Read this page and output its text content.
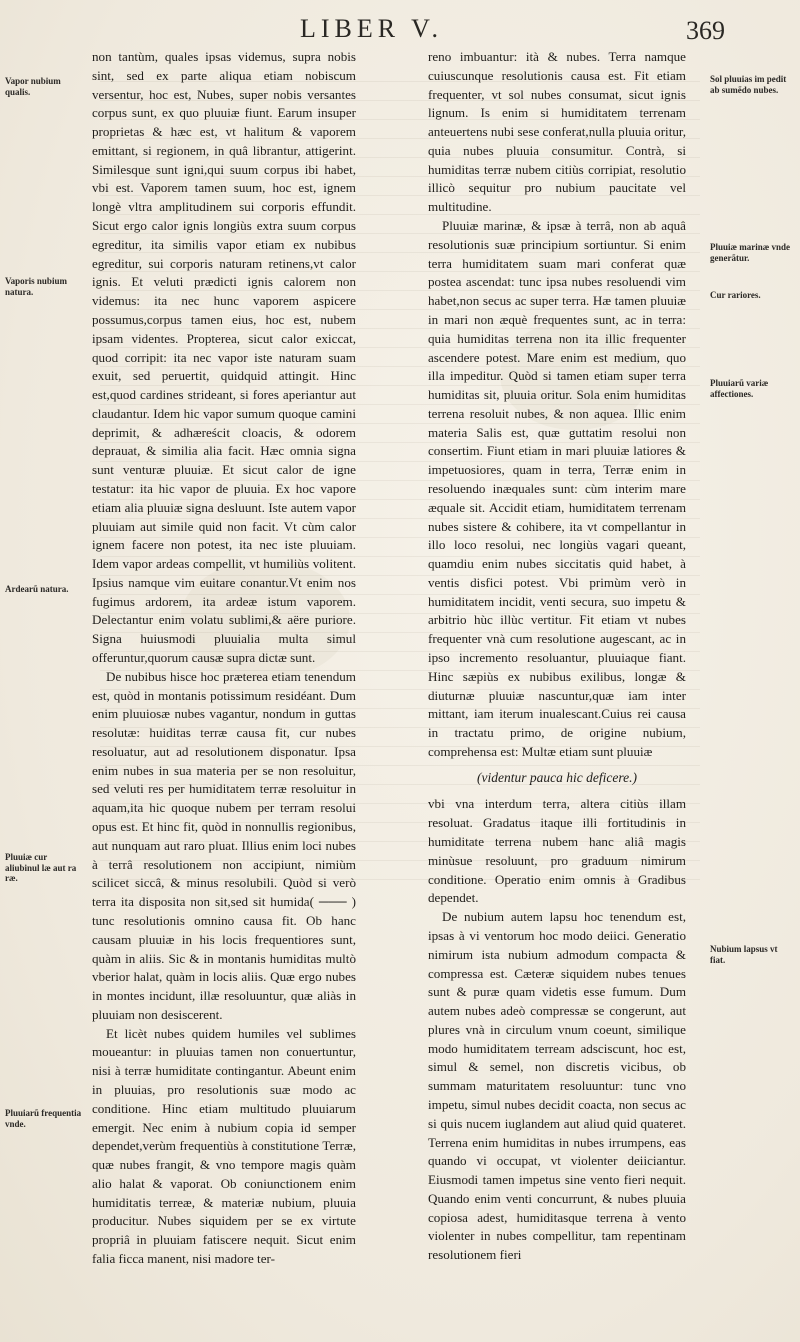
LIBER V.	369
Vapor nubium qualis.
Vaporis nubium natura.
Ardearũ natura.
Pluuiæ cur aliubinul læ aut ra ræ.
Pluuiarũ frequentia vnde.
Sol pluuias im pedit ab sumẽdo nubes.
Pluuiæ marinæ vnde generãtur.
Cur rariores.
Pluuiarũ variæ affectiones.
Nubium lapsus vt fiat.

non tantùm, quales ipsas videmus, supra nobis sint, sed ex parte aliqua etiam nobiscum versentur, hoc est, Nubes, super nobis versantes corpus sunt, ex quo pluuiæ fiunt. Earum insuper proprietas & hæc est, vt halitum & vaporem emittant, si regionem, in quâ librantur, attigerint. Similesque sunt igni,qui suum corpus ibi habet, vbi est. Vaporem tamen suum, hoc est, ignem longè vltra amplitudinem sui corporis effundit. Sicut ergo calor ignis longiùs extra suum corpus egreditur, ita similis vapor etiam ex nubibus egreditur, sui corporis naturam retinens,vt calor ignis. Et veluti prædicti ignis calorem non videmus: ita nec hunc vaporem aspicere possumus,corpus tamen eius, hoc est, nubem ipsam videntes. Propterea, sicut calor exiccat, quod corripit: ita nec vapor iste naturam suam exuit, sed peruertit, quidquid attingit. Hinc est,quod cardines strideant, si fores aperiantur aut claudantur. Idem hic vapor sumum quoque camini deprimit, & adhæreścit cloacis, & odorem deprauat, & similia alia facit. Hæc omnia signa sunt venturæ pluuiæ. Et sicut calor de igne testatur: ita hic vapor de pluuia. Ex hoc vapore etiam alia pluuiæ signa desluunt. Iste autem vapor pluuiam aut simile quid non facit. Vt cùm calor ignem facere non potest, ita nec iste pluuiam. Idem vapor ardeas compellit, vt humiliùs volitent. Ipsius namque vim euitare conantur.Vt enim nos fugimus ardorem, ita ardeæ istum vaporem. Delectantur enim volatu sublimi,& aëre puriore. Signa huiusmodi pluuialia multa simul offeruntur,quorum causæ supra dictæ sunt.

De nubibus hisce hoc præterea etiam tenendum est, quòd in montanis potissimum residéant. Dum enim pluuiosæ nubes vagantur, nondum in guttas resolutæ: huiditas terræ causa fit, cur nubes resoluatur, aut ad resolutionem disponatur. Ipsa enim nubes in sua materia per se non resoluitur, sed veluti res per humiditatem terræ resoluitur in aquam,ita hic quoque nubem per terram resolui opus est. Et hinc fit, quòd in nonnullis regionibus, aut nunquam aut raro pluat. Illius enim loci nubes à terrâ resolutionem non accipiunt, nimiùm scilicet siccâ, & minus resolubili. Quòd si verò terra ita disposita non sit,sed sit humida( ─── ) tunc resolutionis omnino causa fit. Ob hanc causam pluuiæ in his locis frequentiores sunt, quàm in aliis. Sic & in montanis humiditas multò vberior halat, quàm in locis aliis. Quæ ergo nubes in montes incidunt, illæ resoluuntur, quæ aliàs in pluuiam non desiscerent.

Et licèt nubes quidem humiles vel sublimes moueantur: in pluuias tamen non conuertuntur, nisi à terræ humiditate contingantur. Abeunt enim in pluuias, pro resolutionis suæ modo ac conditione. Hinc etiam multitudo pluuiarum emergit. Nec enim à nubium copia id semper dependet,verùm frequentiùs à constitutione Terræ, quæ nubes frangit, & vno tempore magis quàm alio halat & vaporat. Ob coniunctionem enim humiditatis terreæ, & materiæ nubium, pluuia producitur. Nubes siquidem per se ex virtute propriâ in pluuiam fatiscere nequit. Sicut enim falia ficca manent, nisi madore ter-

reno imbuantur: ità & nubes. Terra namque cuiuscunque resolutionis causa est. Fit etiam frequenter, vt sol nubes consumat, sicut ignis lignum. Is enim si humiditatem terrenam anteuertens nubi sese conferat,nulla pluuia oritur, quia nubes pluuia consumitur. Contrà, si humiditas terræ nubem citiùs corripiat, resolutio illicò sequitur pro nubium paucitate vel multitudine.

Pluuiæ marinæ, & ipsæ à terrâ, non ab aquâ resolutionis suæ principium sortiuntur. Si enim terra humiditatem suam mari conferat quæ postea ascendat: tunc ipsa nubes resoluendi vim habet,non secus ac super terra. Hæ tamen pluuiæ in mari non æquè frequentes sunt, ac in terra: quia humiditas terrena non ita illic frequenter ascendere potest. Mare enim est medium, quo illa impeditur. Quòd si tamen etiam super terra humiditas sit, pluuia oritur. Sola enim humiditas terrena resoluit nubes, & non aquea. Illic enim materia Salis est, quæ guttatim resolui non consertim. Fiunt etiam in mari pluuiæ latiores & impetuosiores, quam in terra, Terræ enim in resoluendo inæquales sunt: cùm interim mare æquale sit. Accidit etiam, humiditatem terrenam nubes sistere & cohibere, ita vt compellantur in illo loco resolui, nec longiùs vagari queant, quamdiu enim nubes siccitatis quid habet, à ventis disfici potest. Vbi primùm verò in humiditatem incidit, venti secura, suo impetu & arbitrio hùc illùc vertitur. Fit etiam vt nubes frequenter vnà cum resolutione augescant, ac in ipso incremento resoluantur, pluuiaque fiant. Hinc sæpiùs ex nubibus exilibus, longæ & diuturnæ pluuiæ nascuntur,quæ iam inter mittant, iam iterum inualescant.Cuius rei causa in tractatu primo, de origine nubium, comprehensa est: Multæ etiam sunt pluuiæ

(videntur pauca hic deficere.)

vbi vna interdum terra, altera citiùs illam resoluat. Gradatus itaque illi fortitudinis in humiditate terrena nubem hanc aliâ magis minùsue resoluunt, pro graduum nimirum conditione. Operatio enim omnis à Gradibus dependet.

De nubium autem lapsu hoc tenendum est, ipsas à vi ventorum hoc modo deiici. Generatio nimirum ista nubium admodum compacta & compressa est. Cæteræ siquidem nubes tenues sunt & puræ quam videtis esse fumum. Dum autem nubes adeò compressæ se congerunt, aut plures vnà in circulum vnum coeunt, similique modo humiditatem terream adsciscunt, hoc est, simul & semel, non discretis vicibus, ob summam maturitatem resoluuntur: tunc vno impetu, simul nubes decidit coacta, non secus ac si quis nucem iuglandem aut aliud quid quateret. Terrena enim humiditas in nubes irrumpens, eas quando vi occupat, vt violenter deiiciantur. Eiusmodi tamen impetus sine vento fieri nequit. Quando enim venti concurrunt, & nubes pluuia copiosa adest, humiditasque terrena à vento violenter in nubes compellitur, tam repentinam resolutionem fieri
